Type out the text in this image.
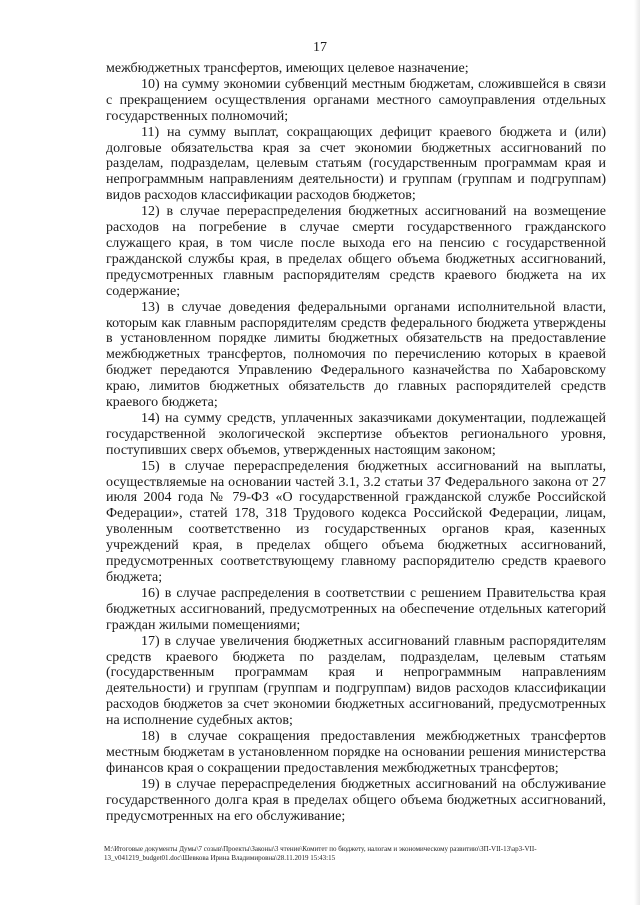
17

межбюджетных трансфертов, имеющих целевое назначение;

10) на сумму экономии субвенций местным бюджетам, сложившейся в связи с прекращением осуществления органами местного самоуправления отдельных государственных полномочий;

11) на сумму выплат, сокращающих дефицит краевого бюджета и (или) долговые обязательства края за счет экономии бюджетных ассигнований по разделам, подразделам, целевым статьям (государственным программам края и непрограммным направлениям деятельности) и группам (группам и подгруппам) видов расходов классификации расходов бюджетов;

12) в случае перераспределения бюджетных ассигнований на возмещение расходов на погребение в случае смерти государственного гражданского служащего края, в том числе после выхода его на пенсию с государственной гражданской службы края, в пределах общего объема бюджетных ассигнований, предусмотренных главным распорядителям средств краевого бюджета на их содержание;

13) в случае доведения федеральными органами исполнительной власти, которым как главным распорядителям средств федерального бюджета утверждены в установленном порядке лимиты бюджетных обязательств на предоставление межбюджетных трансфертов, полномочия по перечислению которых в краевой бюджет передаются Управлению Федерального казначейства по Хабаровскому краю, лимитов бюджетных обязательств до главных распорядителей средств краевого бюджета;

14) на сумму средств, уплаченных заказчиками документации, подлежащей государственной экологической экспертизе объектов регионального уровня, поступивших сверх объемов, утвержденных настоящим законом;

15) в случае перераспределения бюджетных ассигнований на выплаты, осуществляемые на основании частей 3.1, 3.2 статьи 37 Федерального закона от 27 июля 2004 года № 79-ФЗ «О государственной гражданской службе Российской Федерации», статей 178, 318 Трудового кодекса Российской Федерации, лицам, уволенным соответственно из государственных органов края, казенных учреждений края, в пределах общего объема бюджетных ассигнований, предусмотренных соответствующему главному распорядителю средств краевого бюджета;

16) в случае распределения в соответствии с решением Правительства края бюджетных ассигнований, предусмотренных на обеспечение отдельных категорий граждан жилыми помещениями;

17) в случае увеличения бюджетных ассигнований главным распорядителям средств краевого бюджета по разделам, подразделам, целевым статьям (государственным программам края и непрограммным направлениям деятельности) и группам (группам и подгруппам) видов расходов классификации расходов бюджетов за счет экономии бюджетных ассигнований, предусмотренных на исполнение судебных актов;

18) в случае сокращения предоставления межбюджетных трансфертов местным бюджетам в установленном порядке на основании решения министерства финансов края о сокращении предоставления межбюджетных трансфертов;

19) в случае перераспределения бюджетных ассигнований на обслуживание государственного долга края в пределах общего объема бюджетных ассигнований, предусмотренных на его обслуживание;

М:\Итоговые документы Думы\7 созыв\Проекты\Законы\3 чтение\Комитет по бюджету, налогам и экономическому развитию\ЗП-VII-13\ар3-VII-13_v041219_budget01.doc\Шевкова Ирина Владимировна\28.11.2019 15:43:15
